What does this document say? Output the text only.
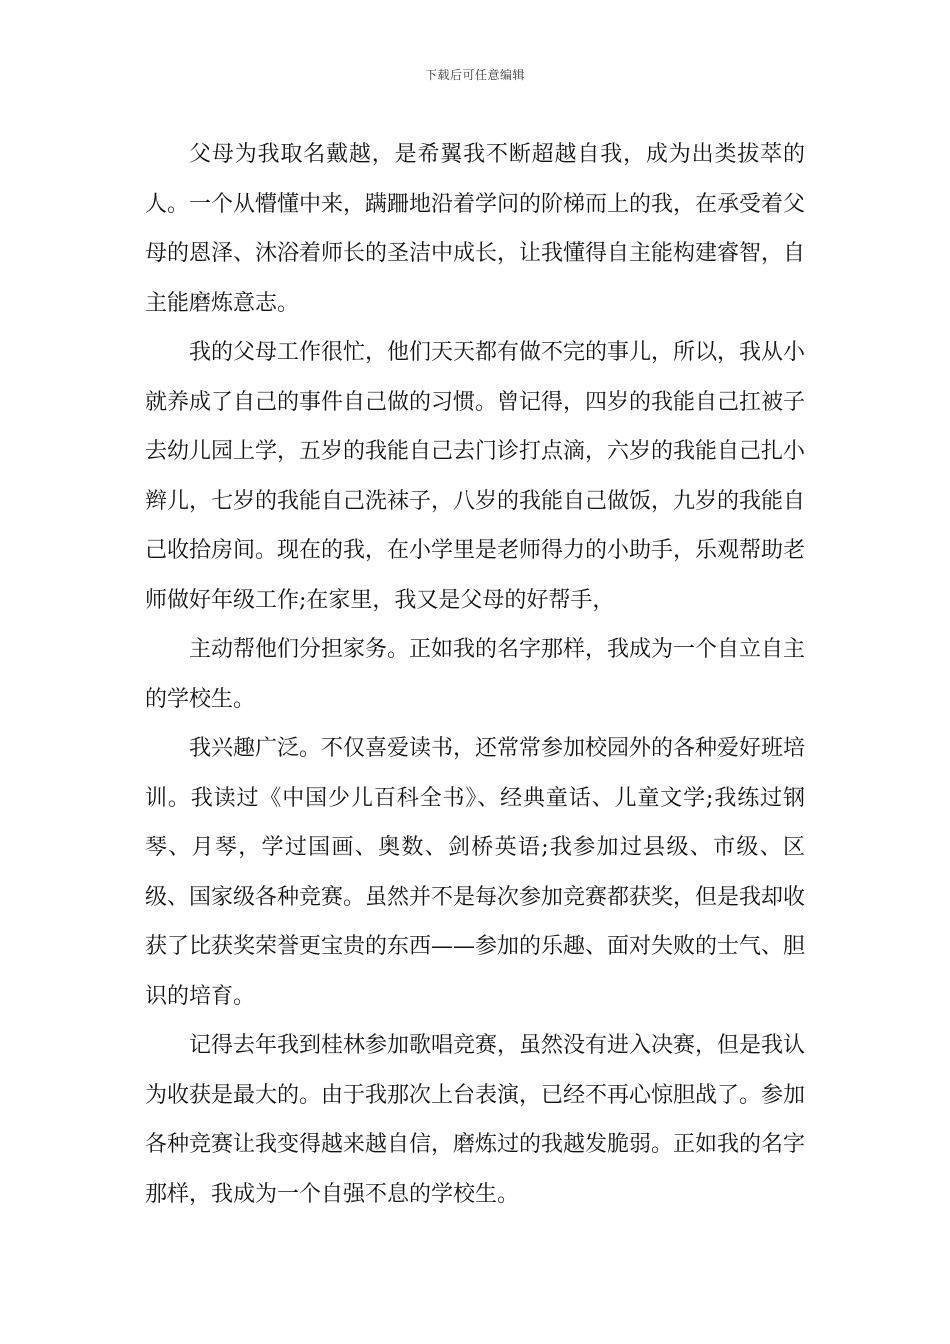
下载后可任意编辑

父母为我取名戴越，是希翼我不断超越自我，成为出类拔萃的人。一个从懵懂中来，蹒跚地沿着学问的阶梯而上的我，在承受着父母的恩泽、沐浴着师长的圣洁中成长，让我懂得自主能构建睿智，自主能磨炼意志。

我的父母工作很忙，他们天天都有做不完的事儿，所以，我从小就养成了自己的事件自己做的习惯。曾记得，四岁的我能自己扛被子去幼儿园上学，五岁的我能自己去门诊打点滴，六岁的我能自己扎小辫儿，七岁的我能自己洗袜子，八岁的我能自己做饭，九岁的我能自己收拾房间。现在的我，在小学里是老师得力的小助手，乐观帮助老师做好年级工作;在家里，我又是父母的好帮手，

主动帮他们分担家务。正如我的名字那样，我成为一个自立自主的学校生。

我兴趣广泛。不仅喜爱读书，还常常参加校园外的各种爱好班培训。我读过《中国少儿百科全书》、经典童话、儿童文学;我练过钢琴、月琴，学过国画、奥数、剑桥英语;我参加过县级、市级、区级、国家级各种竞赛。虽然并不是每次参加竞赛都获奖，但是我却收获了比获奖荣誉更宝贵的东西——参加的乐趣、面对失败的士气、胆识的培育。

记得去年我到桂林参加歌唱竞赛，虽然没有进入决赛，但是我认为收获是最大的。由于我那次上台表演，已经不再心惊胆战了。参加各种竞赛让我变得越来越自信，磨炼过的我越发脆弱。正如我的名字那样，我成为一个自强不息的学校生。
